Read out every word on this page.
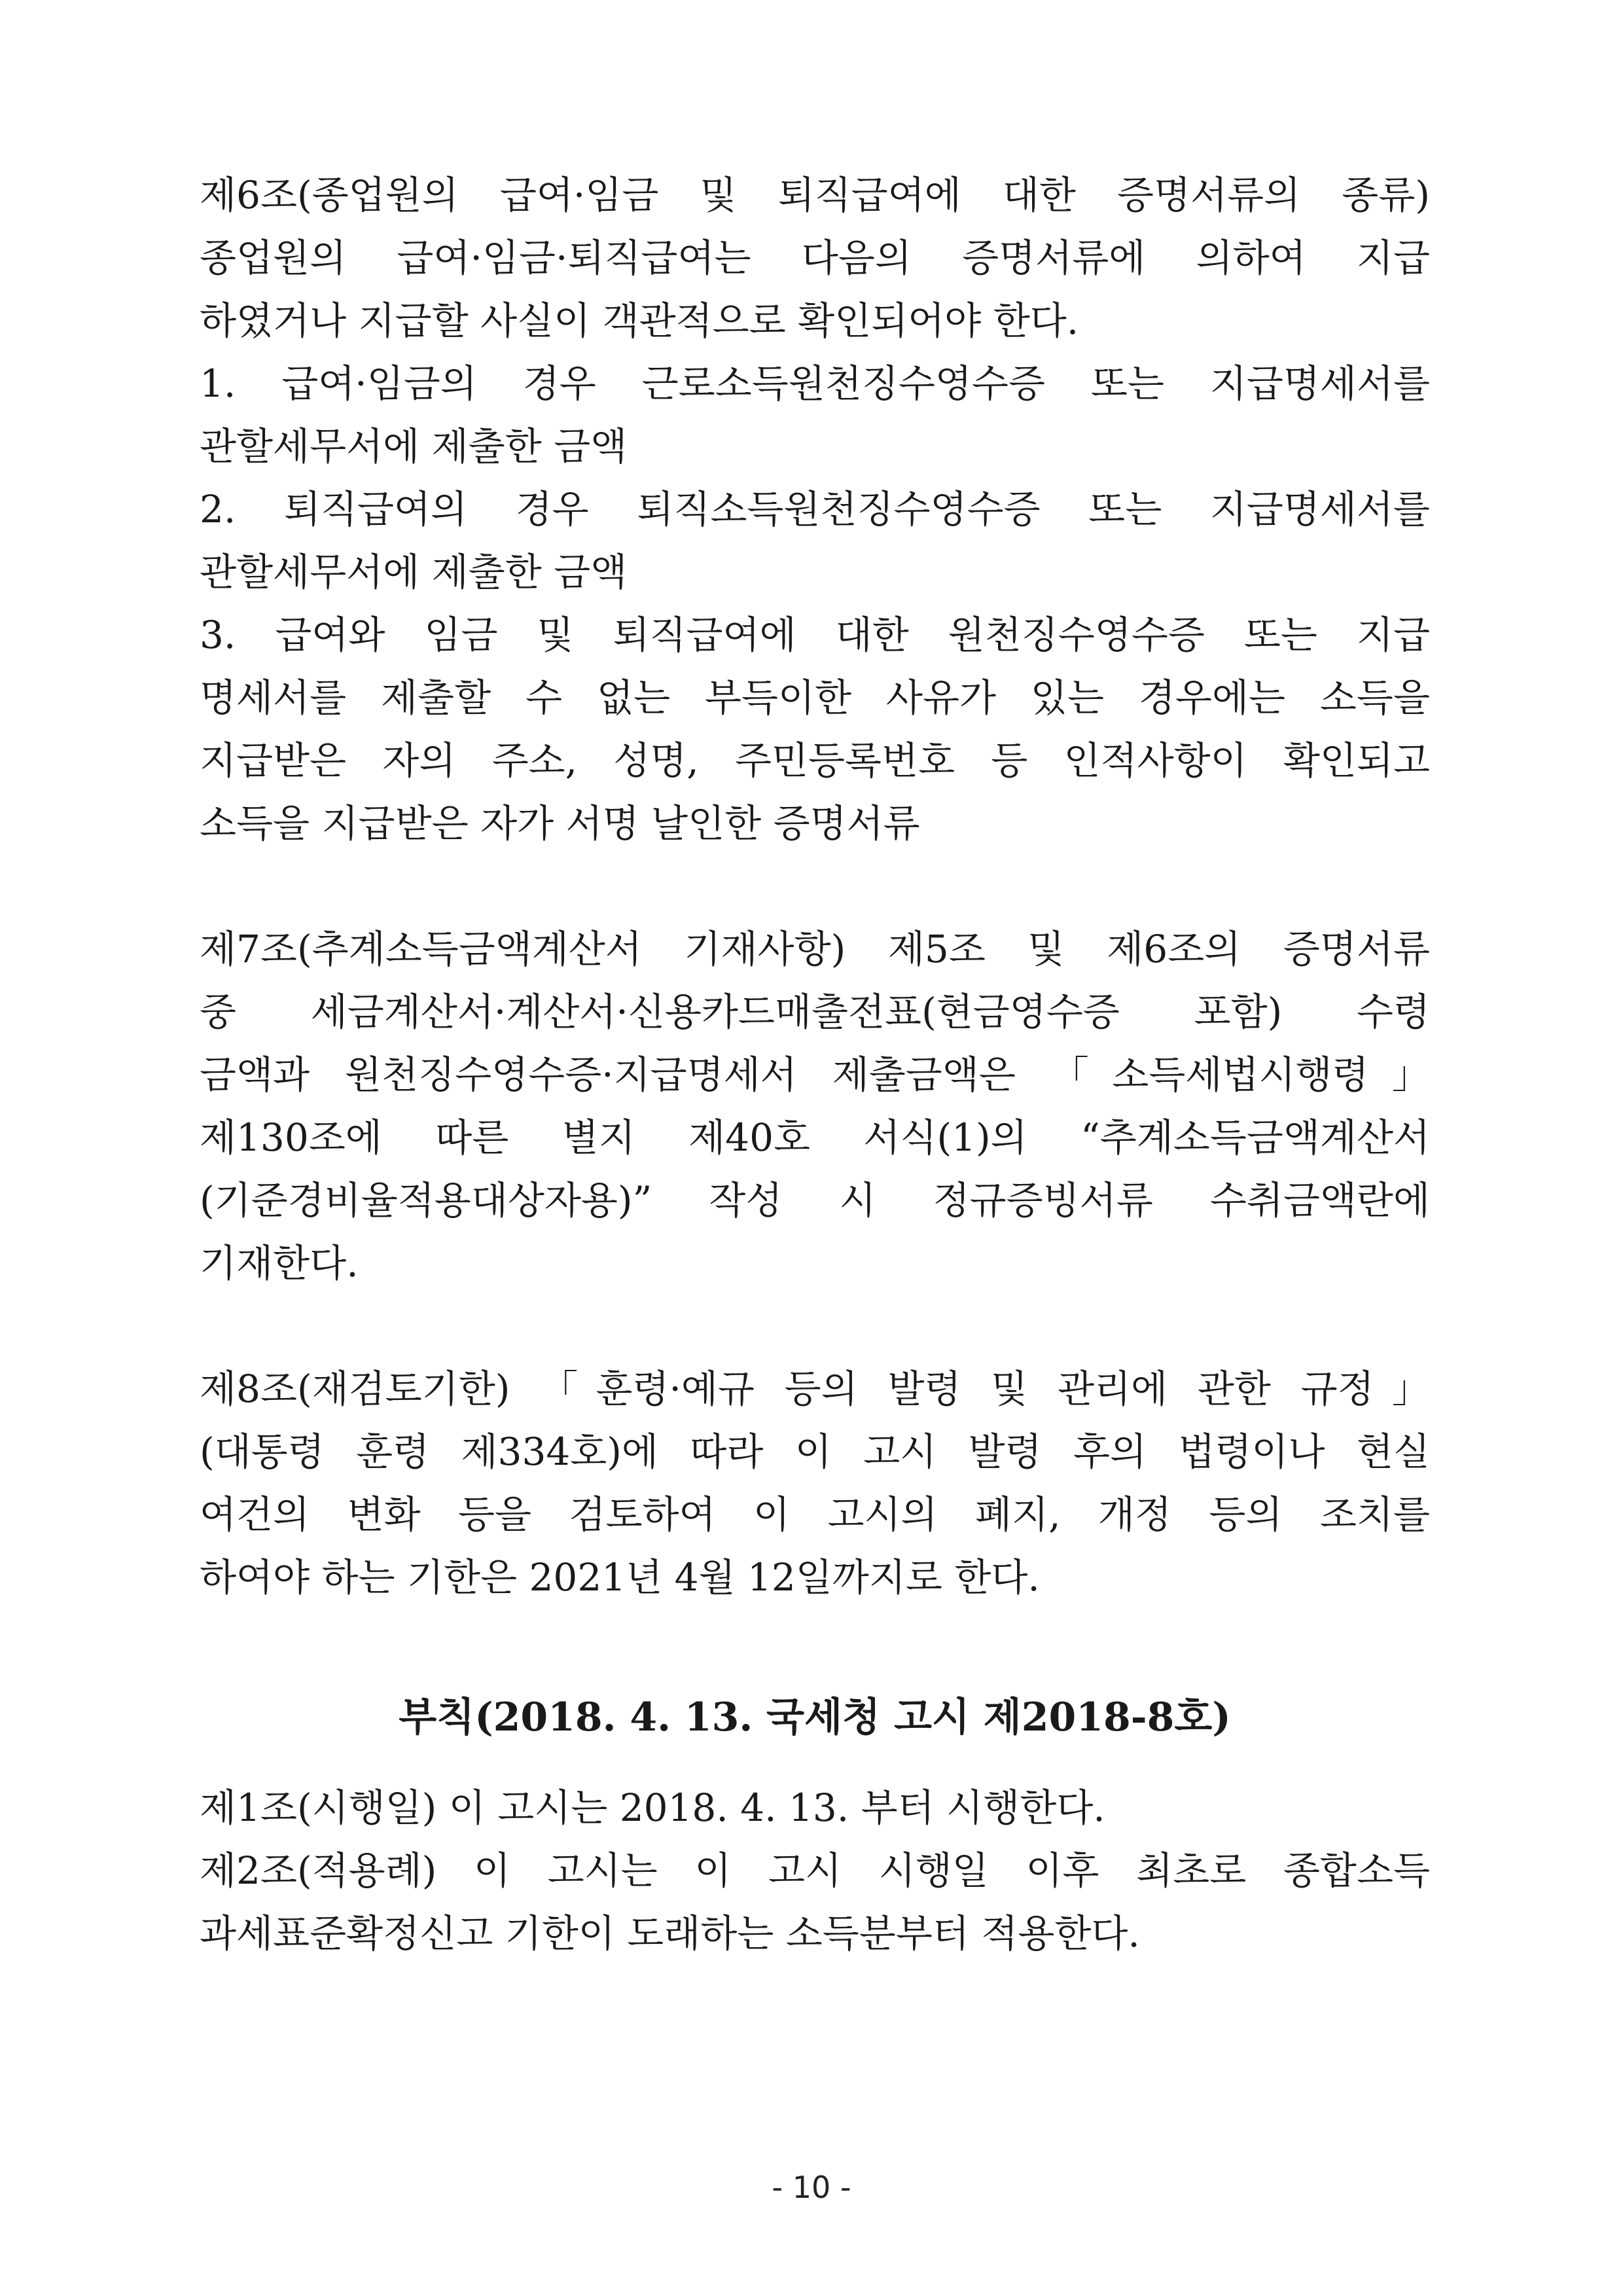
제6조(종업원의 급여·임금 및 퇴직급여에 대한 증명서류의 종류)
종업원의 급여·임금·퇴직급여는 다음의 증명서류에 의하여 지급
하였거나 지급할 사실이 객관적으로 확인되어야 한다.
1. 급여·임금의 경우 근로소득원천징수영수증 또는 지급명세서를
관할세무서에 제출한 금액
2. 퇴직급여의 경우 퇴직소득원천징수영수증 또는 지급명세서를
관할세무서에 제출한 금액
3. 급여와 임금 및 퇴직급여에 대한 원천징수영수증 또는 지급
명세서를 제출할 수 없는 부득이한 사유가 있는 경우에는 소득을
지급받은 자의 주소, 성명, 주민등록번호 등 인적사항이 확인되고
소득을 지급받은 자가 서명 날인한 증명서류
제7조(추계소득금액계산서 기재사항) 제5조 및 제6조의 증명서류
중 세금계산서·계산서·신용카드매출전표(현금영수증 포함) 수령
금액과 원천징수영수증·지급명세서 제출금액은 「소득세법시행령」
제130조에 따른 별지 제40호 서식(1)의 “추계소득금액계산서
(기준경비율적용대상자용)” 작성 시 정규증빙서류 수취금액란에
기재한다.
제8조(재검토기한) 「훈령·예규 등의 발령 및 관리에 관한 규정」
(대통령 훈령 제334호)에 따라 이 고시 발령 후의 법령이나 현실
여건의 변화 등을 검토하여 이 고시의 폐지, 개정 등의 조치를
하여야 하는 기한은 2021년 4월 12일까지로 한다.
부칙(2018. 4. 13. 국세청 고시 제2018-8호)
제1조(시행일) 이 고시는 2018. 4. 13. 부터 시행한다.
제2조(적용례) 이 고시는 이 고시 시행일 이후 최초로 종합소득
과세표준확정신고 기한이 도래하는 소득분부터 적용한다.
- 10 -
